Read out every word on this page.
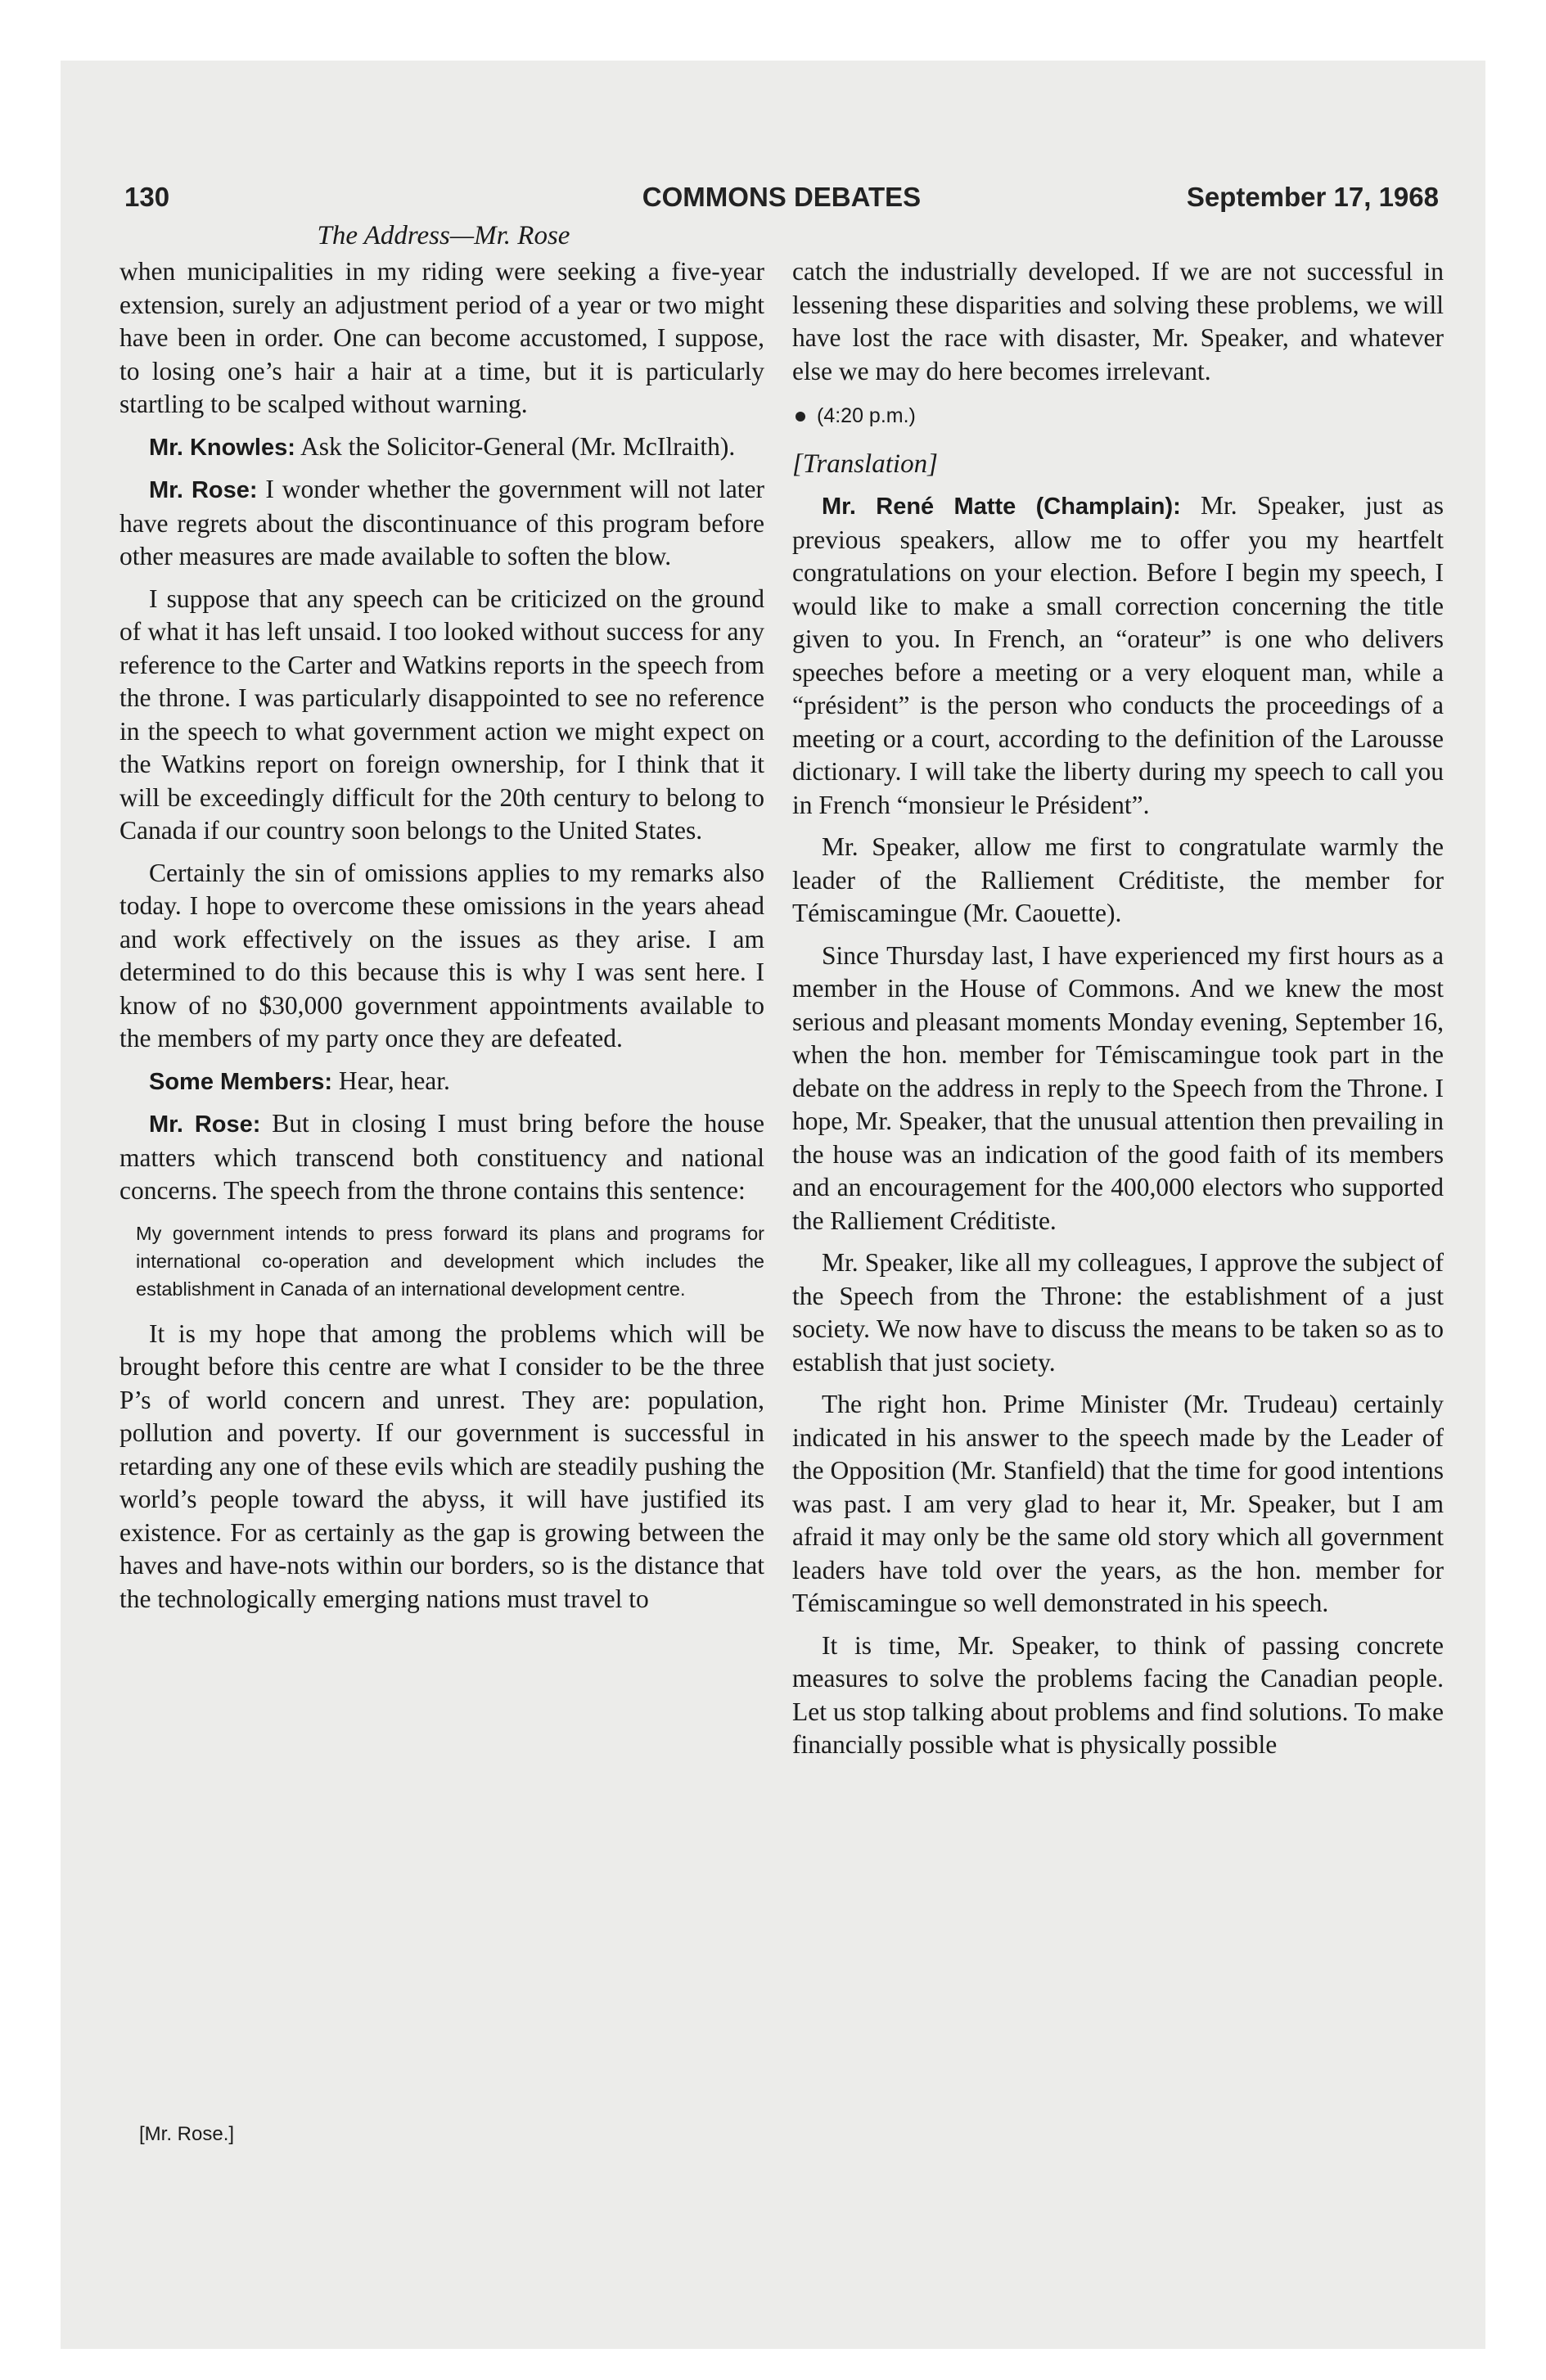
130	COMMONS DEBATES	September 17, 1968
The Address—Mr. Rose

when municipalities in my riding were seeking a five-year extension, surely an adjustment period of a year or two might have been in order. One can become accustomed, I suppose, to losing one’s hair a hair at a time, but it is particularly startling to be scalped without warning.

Mr. Knowles: Ask the Solicitor-General (Mr. McIlraith).

Mr. Rose: I wonder whether the government will not later have regrets about the discontinuance of this program before other measures are made available to soften the blow.

I suppose that any speech can be criticized on the ground of what it has left unsaid. I too looked without success for any reference to the Carter and Watkins reports in the speech from the throne. I was particularly disappointed to see no reference in the speech to what government action we might expect on the Watkins report on foreign ownership, for I think that it will be exceedingly difficult for the 20th century to belong to Canada if our country soon belongs to the United States.

Certainly the sin of omissions applies to my remarks also today. I hope to overcome these omissions in the years ahead and work effectively on the issues as they arise. I am determined to do this because this is why I was sent here. I know of no $30,000 government appointments available to the members of my party once they are defeated.

Some Members: Hear, hear.

Mr. Rose: But in closing I must bring before the house matters which transcend both constituency and national concerns. The speech from the throne contains this sentence:

My government intends to press forward its plans and programs for international co-operation and development which includes the establishment in Canada of an international development centre.

It is my hope that among the problems which will be brought before this centre are what I consider to be the three P’s of world concern and unrest. They are: population, pollution and poverty. If our government is successful in retarding any one of these evils which are steadily pushing the world’s people toward the abyss, it will have justified its existence. For as certainly as the gap is growing between the haves and have-nots within our borders, so is the distance that the technologically emerging nations must travel to

catch the industrially developed. If we are not successful in lessening these disparities and solving these problems, we will have lost the race with disaster, Mr. Speaker, and whatever else we may do here becomes irrelevant.

(4:20 p.m.)

[Translation]

Mr. René Matte (Champlain): Mr. Speaker, just as previous speakers, allow me to offer you my heartfelt congratulations on your election. Before I begin my speech, I would like to make a small correction concerning the title given to you. In French, an “orateur” is one who delivers speeches before a meeting or a very eloquent man, while a “président” is the person who conducts the proceedings of a meeting or a court, according to the definition of the Larousse dictionary. I will take the liberty during my speech to call you in French “monsieur le Président”.

Mr. Speaker, allow me first to congratulate warmly the leader of the Ralliement Créditiste, the member for Témiscamingue (Mr. Caouette).

Since Thursday last, I have experienced my first hours as a member in the House of Commons. And we knew the most serious and pleasant moments Monday evening, September 16, when the hon. member for Témiscamingue took part in the debate on the address in reply to the Speech from the Throne. I hope, Mr. Speaker, that the unusual attention then prevailing in the house was an indication of the good faith of its members and an encouragement for the 400,000 electors who supported the Ralliement Créditiste.

Mr. Speaker, like all my colleagues, I approve the subject of the Speech from the Throne: the establishment of a just society. We now have to discuss the means to be taken so as to establish that just society.

The right hon. Prime Minister (Mr. Trudeau) certainly indicated in his answer to the speech made by the Leader of the Opposition (Mr. Stanfield) that the time for good intentions was past. I am very glad to hear it, Mr. Speaker, but I am afraid it may only be the same old story which all government leaders have told over the years, as the hon. member for Témiscamingue so well demonstrated in his speech.

It is time, Mr. Speaker, to think of passing concrete measures to solve the problems facing the Canadian people. Let us stop talking about problems and find solutions. To make financially possible what is physically possible

[Mr. Rose.]
